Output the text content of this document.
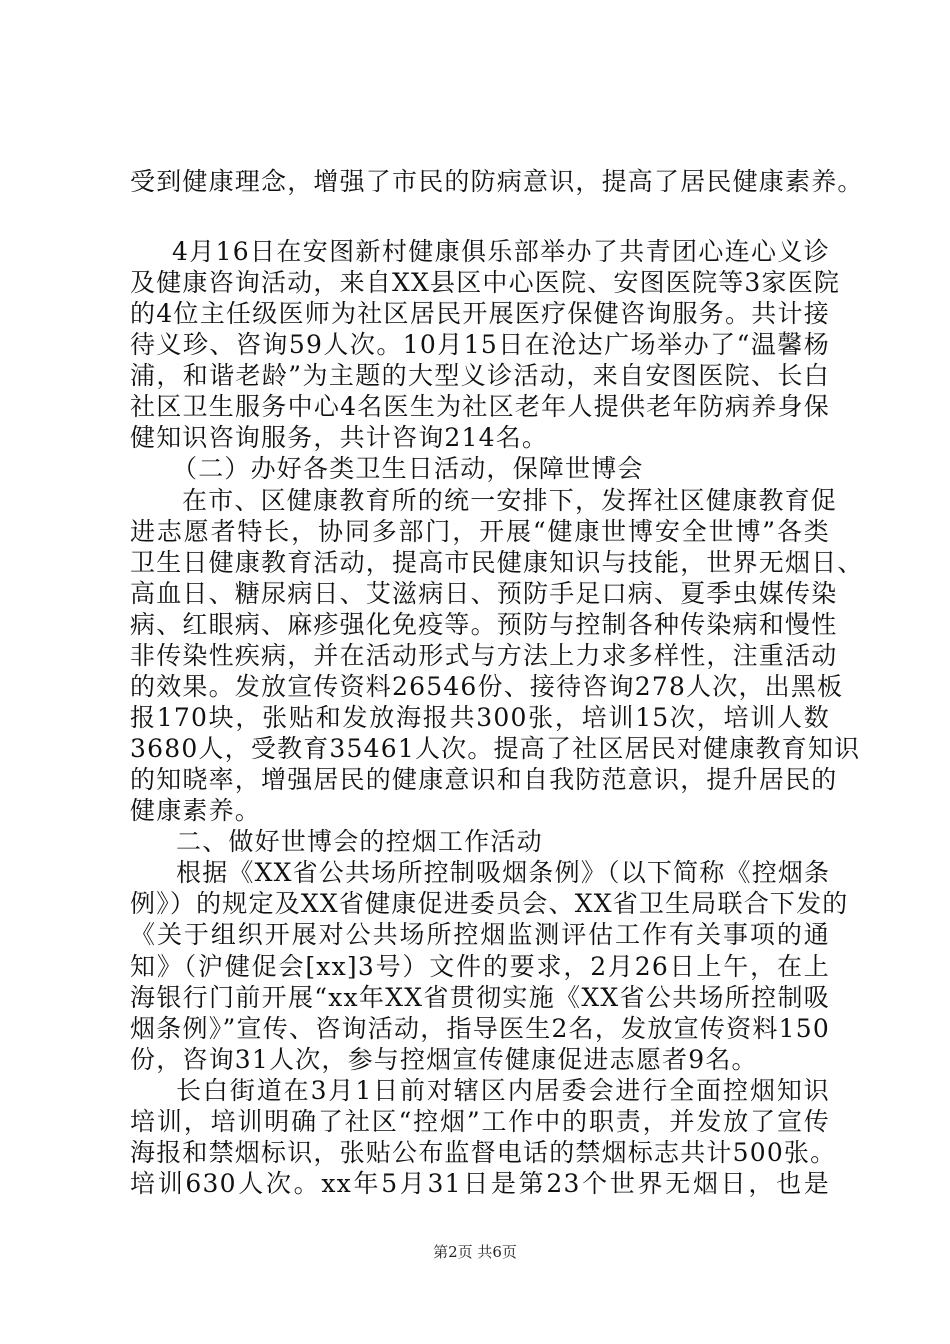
受到健康理念，增强了市民的防病意识，提高了居民健康素养。
4月16日在安图新村健康俱乐部举办了共青团心连心义诊
及健康咨询活动，来自XX县区中心医院、安图医院等3家医院
的4位主任级医师为社区居民开展医疗保健咨询服务。共计接
待义珍、咨询59人次。10月15日在沧达广场举办了“温馨杨
浦，和谐老龄”为主题的大型义诊活动，来自安图医院、长白
社区卫生服务中心4名医生为社区老年人提供老年防病养身保
健知识咨询服务，共计咨询214名。
（二）办好各类卫生日活动，保障世博会
在市、区健康教育所的统一安排下，发挥社区健康教育促
进志愿者特长，协同多部门，开展“健康世博安全世博”各类
卫生日健康教育活动，提高市民健康知识与技能，世界无烟日、
高血日、糖尿病日、艾滋病日、预防手足口病、夏季虫媒传染
病、红眼病、麻疹强化免疫等。预防与控制各种传染病和慢性
非传染性疾病，并在活动形式与方法上力求多样性，注重活动
的效果。发放宣传资料26546份、接待咨询278人次，出黑板
报170块，张贴和发放海报共300张，培训15次，培训人数
3680人，受教育35461人次。提高了社区居民对健康教育知识
的知晓率，增强居民的健康意识和自我防范意识，提升居民的
健康素养。
二、做好世博会的控烟工作活动
根据《XX省公共场所控制吸烟条例》（以下简称《控烟条
例》）的规定及XX省健康促进委员会、XX省卫生局联合下发的
《关于组织开展对公共场所控烟监测评估工作有关事项的通
知》（沪健促会[xx]3号）文件的要求，2月26日上午，在上
海银行门前开展“xx年XX省贯彻实施《XX省公共场所控制吸
烟条例》”宣传、咨询活动，指导医生2名，发放宣传资料150
份，咨询31人次，参与控烟宣传健康促进志愿者9名。
长白街道在3月1日前对辖区内居委会进行全面控烟知识
培训，培训明确了社区“控烟”工作中的职责，并发放了宣传
海报和禁烟标识，张贴公布监督电话的禁烟标志共计500张。
培训630人次。xx年5月31日是第23个世界无烟日，也是
第2页 共6页
